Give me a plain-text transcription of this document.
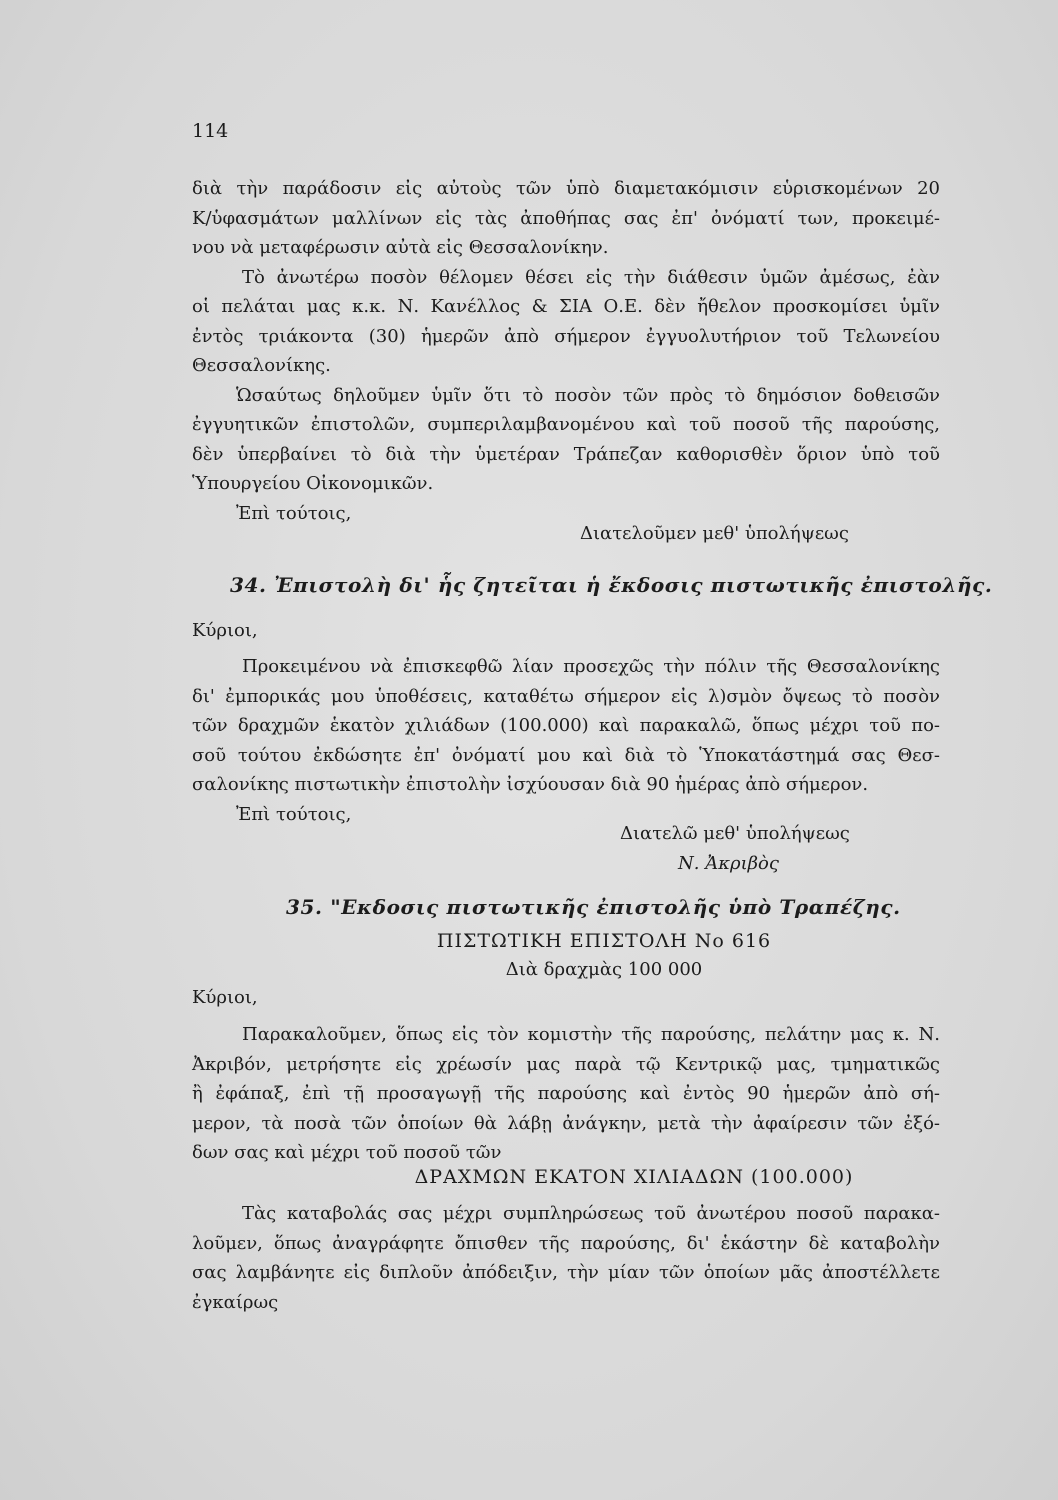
114
διὰ τὴν παράδοσιν εἰς αὐτοὺς τῶν ὑπὸ διαμετακόμισιν εὑρισκομένων 20
Κ/ὑφασμάτων μαλλίνων εἰς τὰς ἀποθήπας σας ἐπ' ὀνόματί των, προκειμέ-
νου νὰ μεταφέρωσιν αὐτὰ εἰς Θεσσαλονίκην.
Τὸ ἀνωτέρω ποσὸν θέλομεν θέσει εἰς τὴν διάθεσιν ὑμῶν ἀμέσως, ἐὰν
οἱ πελάται μας κ.κ. Ν. Κανέλλος & ΣΙΑ Ο.Ε. δὲν ἤθελον προσκομίσει ὑμῖν
ἐντὸς τριάκοντα (30) ἡμερῶν ἀπὸ σήμερον ἐγγυολυτήριον τοῦ Τελωνείου
Θεσσαλονίκης.
Ὡσαύτως δηλοῦμεν ὑμῖν ὅτι τὸ ποσὸν τῶν πρὸς τὸ δημόσιον δοθεισῶν
ἐγγυητικῶν ἐπιστολῶν, συμπεριλαμβανομένου καὶ τοῦ ποσοῦ τῆς παρούσης,
δὲν ὑπερβαίνει τὸ διὰ τὴν ὑμετέραν Τράπεζαν καθορισθὲν ὅριον ὑπὸ τοῦ
Ὑπουργείου Οἰκονομικῶν.
Ἐπὶ τούτοις,
Διατελοῦμεν μεθ' ὑπολήψεως
34. Ἐπιστολὴ δι' ἧς ζητεῖται ἡ ἔκδοσις πιστωτικῆς ἐπιστολῆς.
Κύριοι,
Προκειμένου νὰ ἐπισκεφθῶ λίαν προσεχῶς τὴν πόλιν τῆς Θεσσαλονίκης
δι' ἐμπορικάς μου ὑποθέσεις, καταθέτω σήμερον εἰς λ)σμὸν ὄψεως τὸ ποσὸν
τῶν δραχμῶν ἑκατὸν χιλιάδων (100.000) καὶ παρακαλῶ, ὅπως μέχρι τοῦ πο-
σοῦ τούτου ἐκδώσητε ἐπ' ὀνόματί μου καὶ διὰ τὸ Ὑποκατάστημά σας Θεσ-
σαλονίκης πιστωτικὴν ἐπιστολὴν ἰσχύουσαν διὰ 90 ἡμέρας ἀπὸ σήμερον.
Ἐπὶ τούτοις,
Διατελῶ μεθ' ὑπολήψεως
Ν. Ἀκριβὸς
35. "Εκδοσις πιστωτικῆς ἐπιστολῆς ὑπὸ Τραπέζης.
ΠΙΣΤΩΤΙΚΗ ΕΠΙΣΤΟΛΗ Νο 616
Διὰ δραχμὰς 100 000
Κύριοι,
Παρακαλοῦμεν, ὅπως εἰς τὸν κομιστὴν τῆς παρούσης, πελάτην μας κ. Ν.
Ἀκριβόν, μετρήσητε εἰς χρέωσίν μας παρὰ τῷ Κεντρικῷ μας, τμηματικῶς
ἢ ἐφάπαξ, ἐπὶ τῇ προσαγωγῇ τῆς παρούσης καὶ ἐντὸς 90 ἡμερῶν ἀπὸ σή-
μερον, τὰ ποσὰ τῶν ὁποίων θὰ λάβῃ ἀνάγκην, μετὰ τὴν ἀφαίρεσιν τῶν ἐξό-
δων σας καὶ μέχρι τοῦ ποσοῦ τῶν
ΔΡΑΧΜΩΝ ΕΚΑΤΟΝ ΧΙΛΙΑΔΩΝ (100.000)
Τὰς καταβολάς σας μέχρι συμπληρώσεως τοῦ ἀνωτέρου ποσοῦ παρακα-
λοῦμεν, ὅπως ἀναγράφητε ὄπισθεν τῆς παρούσης, δι' ἑκάστην δὲ καταβολὴν
σας λαμβάνητε εἰς διπλοῦν ἀπόδειξιν, τὴν μίαν τῶν ὁποίων μᾶς ἀποστέλλετε
ἐγκαίρως
